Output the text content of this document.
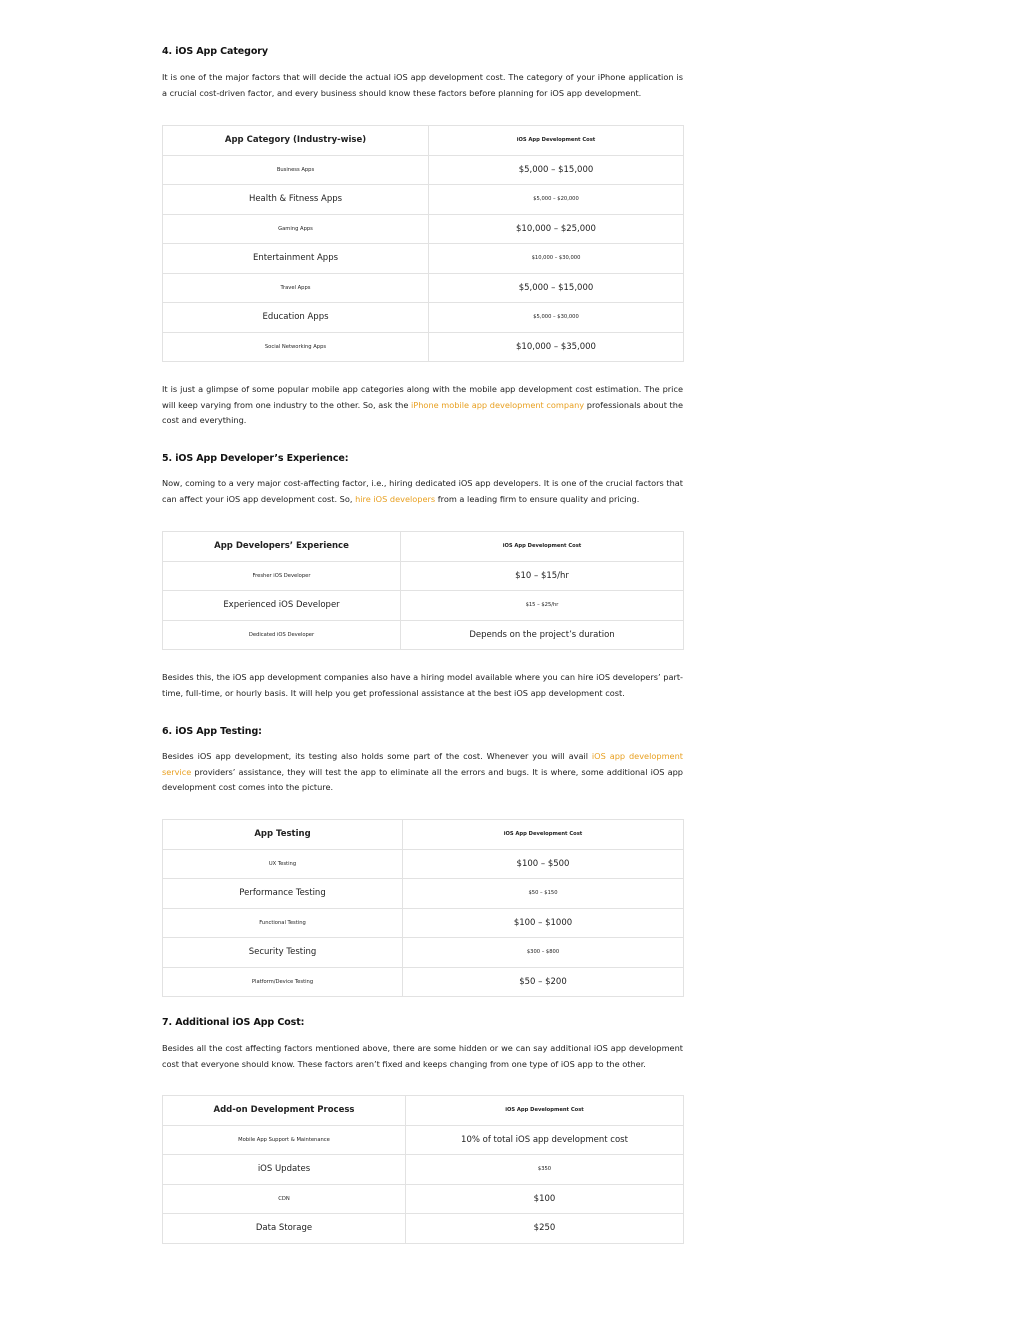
4. iOS App Category

It is one of the major factors that will decide the actual iOS app development cost. The category of your iPhone application is a crucial cost-driven factor, and every business should know these factors before planning for iOS app development.

App Category (Industry-wise)	iOS App Development Cost
Business Apps	$5,000 – $15,000
Health & Fitness Apps	$5,000 – $20,000
Gaming Apps	$10,000 – $25,000
Entertainment Apps	$10,000 – $30,000
Travel Apps	$5,000 – $15,000
Education Apps	$5,000 – $30,000
Social Networking Apps	$10,000 – $35,000

It is just a glimpse of some popular mobile app categories along with the mobile app development cost estimation. The price will keep varying from one industry to the other. So, ask the iPhone mobile app development company professionals about the cost and everything.

5. iOS App Developer’s Experience:

Now, coming to a very major cost-affecting factor, i.e., hiring dedicated iOS app developers. It is one of the crucial factors that can affect your iOS app development cost. So, hire iOS developers from a leading firm to ensure quality and pricing.

App Developers’ Experience	iOS App Development Cost
Fresher iOS Developer	$10 – $15/hr
Experienced iOS Developer	$15 – $25/hr
Dedicated iOS Developer	Depends on the project’s duration

Besides this, the iOS app development companies also have a hiring model available where you can hire iOS developers’ part-time, full-time, or hourly basis. It will help you get professional assistance at the best iOS app development cost.

6. iOS App Testing:

Besides iOS app development, its testing also holds some part of the cost. Whenever you will avail iOS app development service providers’ assistance, they will test the app to eliminate all the errors and bugs. It is where, some additional iOS app development cost comes into the picture.

App Testing	iOS App Development Cost
UX Testing	$100 – $500
Performance Testing	$50 – $150
Functional Testing	$100 – $1000
Security Testing	$300 – $800
Platform/Device Testing	$50 – $200
7. Additional iOS App Cost:

Besides all the cost affecting factors mentioned above, there are some hidden or we can say additional iOS app development cost that everyone should know. These factors aren’t fixed and keeps changing from one type of iOS app to the other.

Add-on Development Process	iOS App Development Cost
Mobile App Support & Maintenance	10% of total iOS app development cost
iOS Updates	$350
CDN	$100
Data Storage	$250
